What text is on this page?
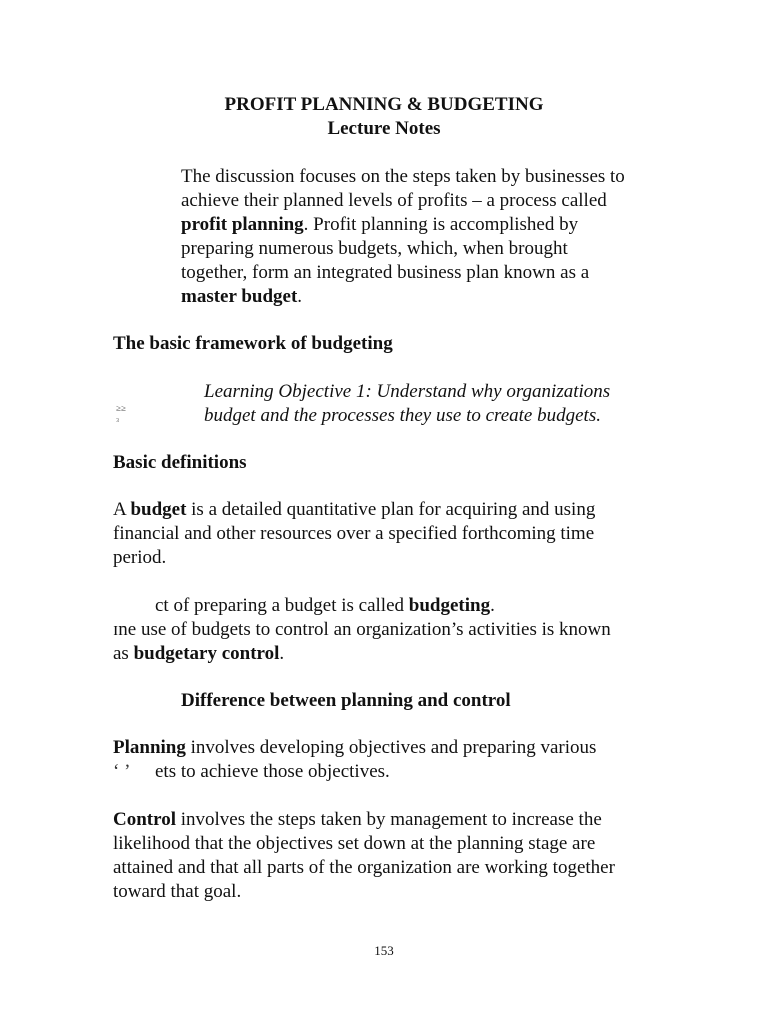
PROFIT PLANNING & BUDGETING
Lecture Notes
The discussion focuses on the steps taken by businesses to
achieve their planned levels of profits – a process called
profit planning. Profit planning is accomplished by
preparing numerous budgets, which, when brought
together, form an integrated business plan known as a
master budget.
The basic framework of budgeting
Learning Objective 1: Understand why organizations
budget and the processes they use to create budgets.
≥≥
₃
Basic definitions
A budget is a detailed quantitative plan for acquiring and using
financial and other resources over a specified forthcoming time
period.
ct of preparing a budget is called budgeting.
ɪne use of budgets to control an organization’s activities is known
as budgetary control.
Difference between planning and control
Planning involves developing objectives and preparing various
ʻ ʼ ets to achieve those objectives.
Control involves the steps taken by management to increase the
likelihood that the objectives set down at the planning stage are
attained and that all parts of the organization are working together
toward that goal.
153
